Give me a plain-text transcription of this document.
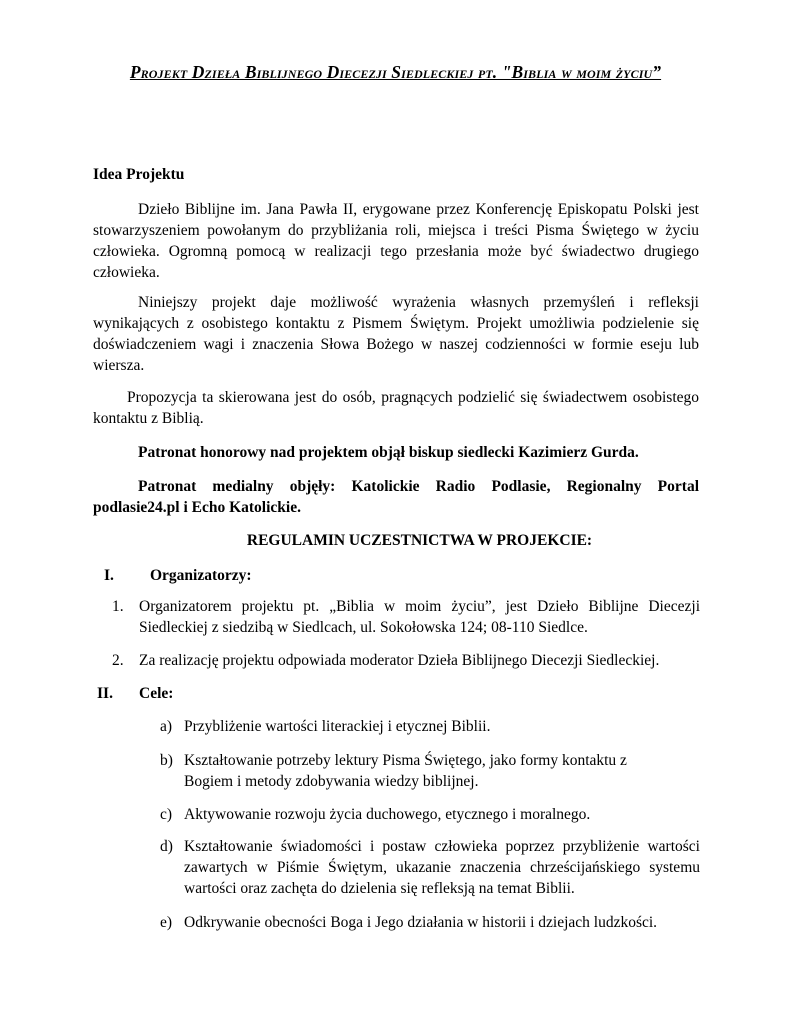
Projekt Dzieła Biblijnego Diecezji Siedleckiej pt. "Biblia w moim życiu”
Idea Projektu
Dzieło Biblijne im. Jana Pawła II, erygowane przez Konferencję Episkopatu Polski jest stowarzyszeniem powołanym do przybliżania roli, miejsca i treści Pisma Świętego w życiu człowieka. Ogromną pomocą w realizacji tego przesłania może być świadectwo drugiego człowieka.
Niniejszy projekt daje możliwość wyrażenia własnych przemyśleń i refleksji wynikających z osobistego kontaktu z Pismem Świętym. Projekt umożliwia podzielenie się doświadczeniem wagi i znaczenia Słowa Bożego w naszej codzienności w formie eseju lub wiersza.
Propozycja ta skierowana jest do osób, pragnących podzielić się świadectwem osobistego kontaktu z Biblią.
Patronat honorowy nad projektem objął biskup siedlecki Kazimierz Gurda.
Patronat medialny objęły: Katolickie Radio Podlasie, Regionalny Portal podlasie24.pl i Echo Katolickie.
REGULAMIN UCZESTNICTWA W PROJEKCIE:
I. Organizatorzy:
1. Organizatorem projektu pt. „Biblia w moim życiu”, jest Dzieło Biblijne Diecezji Siedleckiej z siedzibą w Siedlcach, ul. Sokołowska 124; 08-110 Siedlce.
2. Za realizację projektu odpowiada moderator Dzieła Biblijnego Diecezji Siedleckiej.
II. Cele:
a) Przybliżenie wartości literackiej i etycznej Biblii.
b) Kształtowanie potrzeby lektury Pisma Świętego, jako formy kontaktu z Bogiem i metody zdobywania wiedzy biblijnej.
c) Aktywowanie rozwoju życia duchowego, etycznego i moralnego.
d) Kształtowanie świadomości i postaw człowieka poprzez przybliżenie wartości zawartych w Piśmie Świętym, ukazanie znaczenia chrześcijańskiego systemu wartości oraz zachęta do dzielenia się refleksją na temat Biblii.
e) Odkrywanie obecności Boga i Jego działania w historii i dziejach ludzkości.
